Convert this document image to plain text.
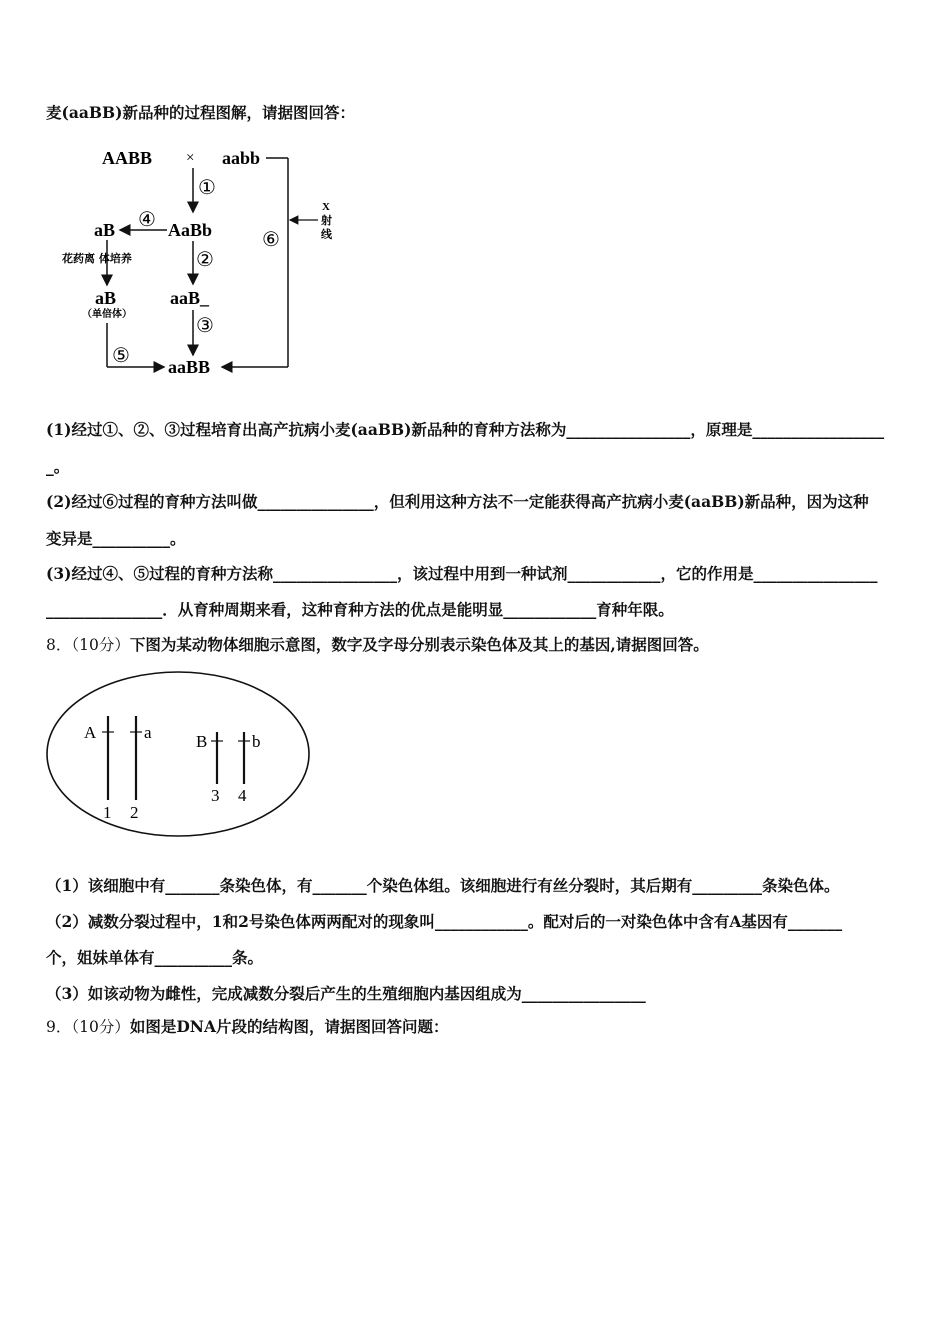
麦(aaBB)新品种的过程图解，请据图回答：
AABB × aabb
X
射
线
⑥
①
AaBb
④
aB
花药离 体培养
aB
（单倍体）
⑤
②
aaB_
③
aaBB
(1)经过①、②、③过程培育出高产抗病小麦(aaBB)新品种的育种方法称为________________，原理是_________________
_。
(2)经过⑥过程的育种方法叫做_______________，但利用这种方法不一定能获得高产抗病小麦(aaBB)新品种，因为这种
变异是__________。
(3)经过④、⑤过程的育种方法称________________，该过程中用到一种试剂____________，它的作用是________________
_______________．从育种周期来看，这种育种方法的优点是能明显____________育种年限。
8．（10分）下图为某动物体细胞示意图，数字及字母分别表示染色体及其上的基因,请据图回答。
A
1
a
2
B
3
b
4
（1）该细胞中有_______条染色体，有_______个染色体组。该细胞进行有丝分裂时，其后期有_________条染色体。
（2）减数分裂过程中，1和2号染色体两两配对的现象叫____________。配对后的一对染色体中含有A基因有_______
个，姐妹单体有__________条。
（3）如该动物为雌性，完成减数分裂后产生的生殖细胞内基因组成为________________
9．（10分）如图是DNA片段的结构图，请据图回答问题：
